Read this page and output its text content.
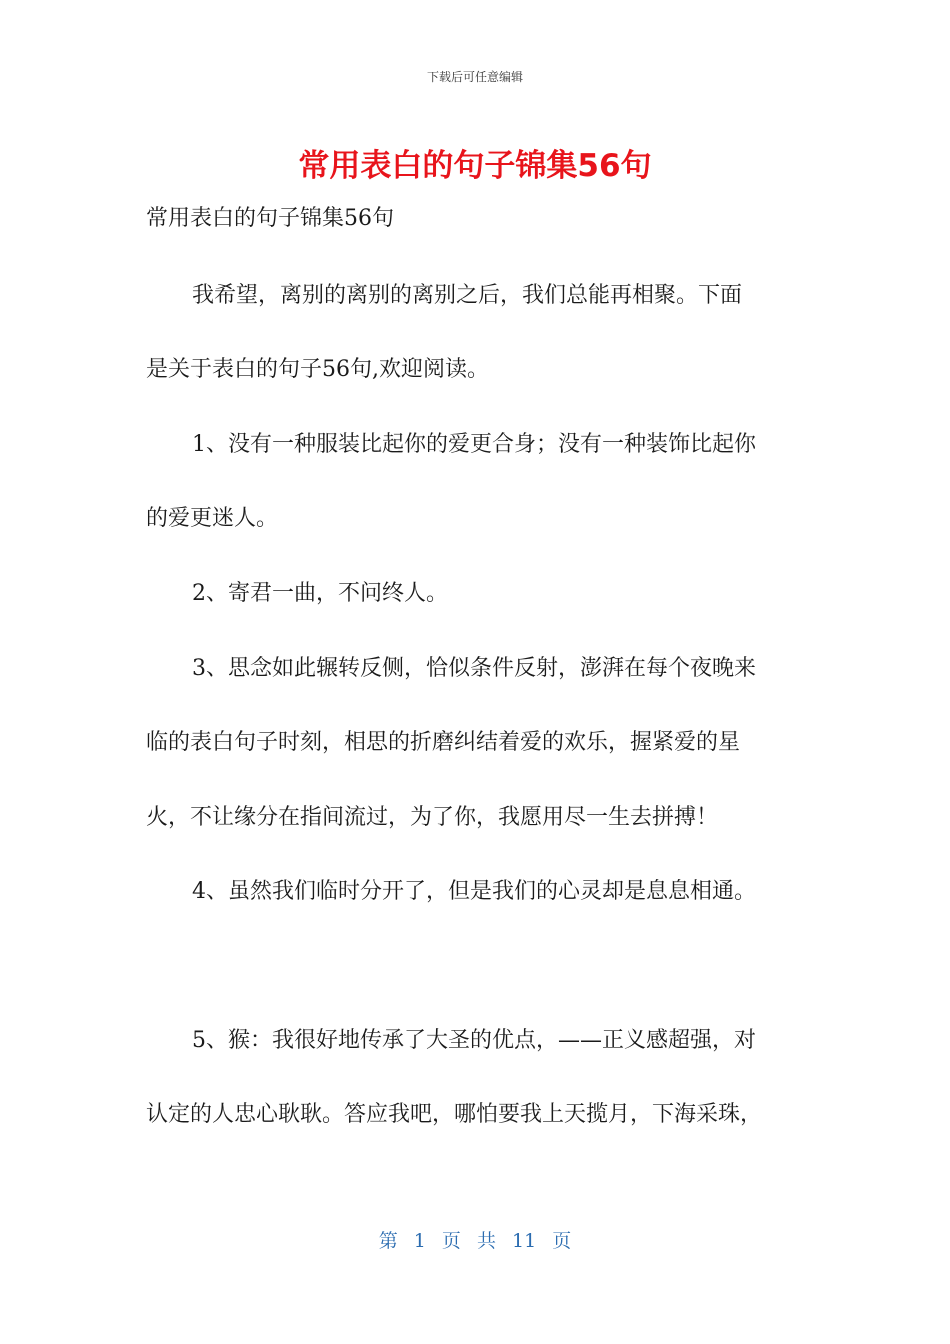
下载后可任意编辑
常用表白的句子锦集56句

常用表白的句子锦集56句

我希望，离别的离别的离别之后，我们总能再相聚。下面

是关于表白的句子56句,欢迎阅读。

1、没有一种服装比起你的爱更合身；没有一种装饰比起你

的爱更迷人。

2、寄君一曲，不问终人。

3、思念如此辗转反侧，恰似条件反射，澎湃在每个夜晚来

临的表白句子时刻，相思的折磨纠结着爱的欢乐，握紧爱的星

火，不让缘分在指间流过，为了你，我愿用尽一生去拼搏！

4、虽然我们临时分开了，但是我们的心灵却是息息相通。

5、猴：我很好地传承了大圣的优点，——正义感超强，对

认定的人忠心耿耿。答应我吧，哪怕要我上天揽月，下海采珠，

第 1 页 共 11 页
